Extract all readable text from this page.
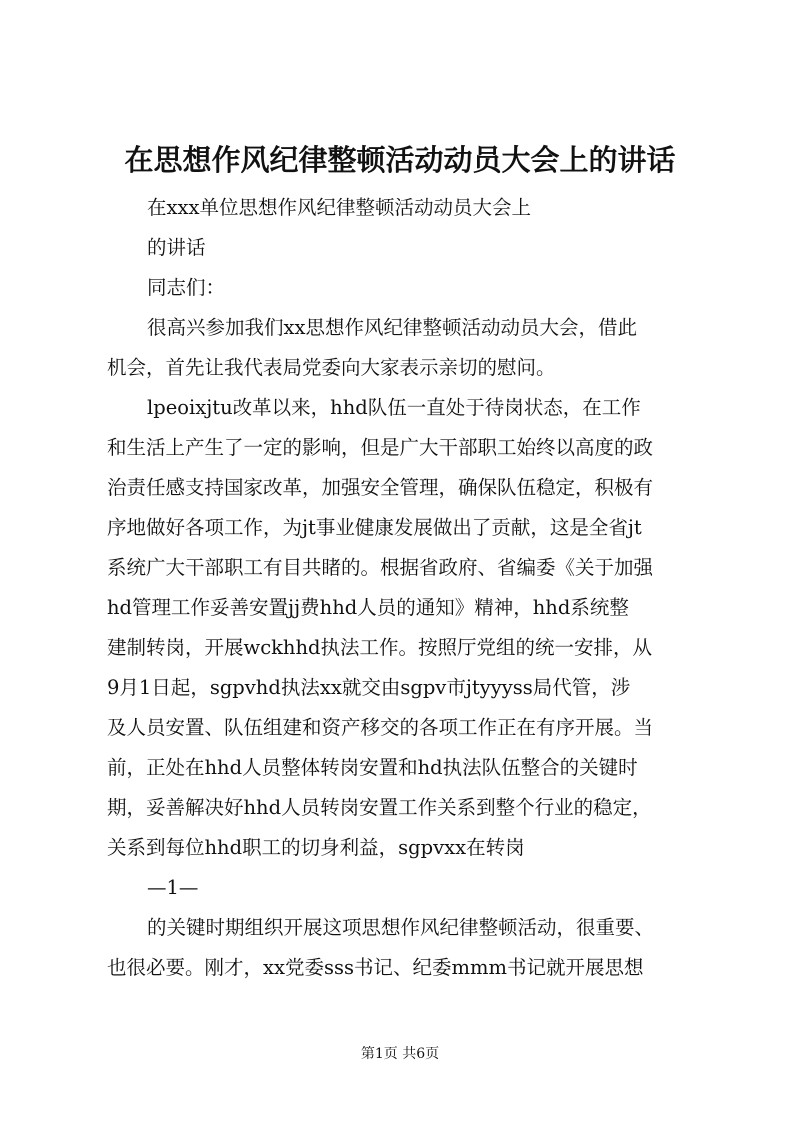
在思想作风纪律整顿活动动员大会上的讲话
在xxx单位思想作风纪律整顿活动动员大会上
的讲话
同志们：
很高兴参加我们xx思想作风纪律整顿活动动员大会，借此
机会，首先让我代表局党委向大家表示亲切的慰问。
lpeoixjtu改革以来，hhd队伍一直处于待岗状态，在工作
和生活上产生了一定的影响，但是广大干部职工始终以高度的政
治责任感支持国家改革，加强安全管理，确保队伍稳定，积极有
序地做好各项工作，为jt事业健康发展做出了贡献，这是全省jt
系统广大干部职工有目共睹的。根据省政府、省编委《关于加强
hd管理工作妥善安置jj费hhd人员的通知》精神，hhd系统整
建制转岗，开展wckhhd执法工作。按照厅党组的统一安排，从
9月1日起，sgpvhd执法xx就交由sgpv市jtyyyss局代管，涉
及人员安置、队伍组建和资产移交的各项工作正在有序开展。当
前，正处在hhd人员整体转岗安置和hd执法队伍整合的关键时
期，妥善解决好hhd人员转岗安置工作关系到整个行业的稳定，
关系到每位hhd职工的切身利益，sgpvxx在转岗
—1—
的关键时期组织开展这项思想作风纪律整顿活动，很重要、
也很必要。刚才，xx党委sss书记、纪委mmm书记就开展思想
第1页 共6页
